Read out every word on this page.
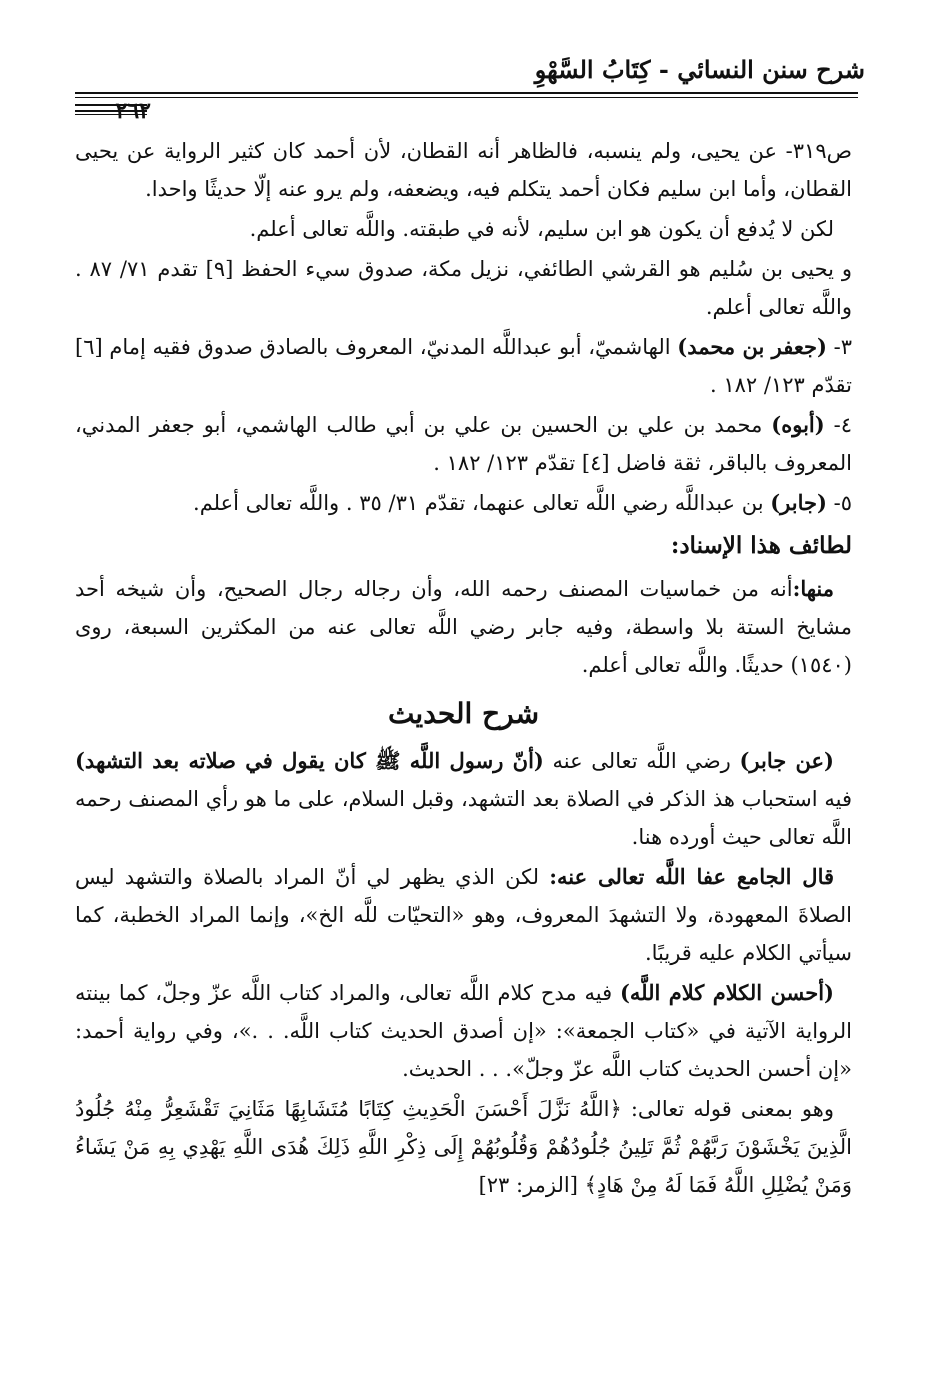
شرح سنن النسائي - كِتَابُ السَّهْوِ
٢٦٢

ص٣١٩- عن يحيى، ولم ينسبه، فالظاهر أنه القطان، لأن أحمد كان كثير الرواية عن يحيى القطان، وأما ابن سليم فكان أحمد يتكلم فيه، ويضعفه، ولم يرو عنه إلّا حديثًا واحدا.

لكن لا يُدفع أن يكون هو ابن سليم، لأنه في طبقته. واللَّه تعالى أعلم.

و يحيى بن سُليم هو القرشي الطائفي، نزيل مكة، صدوق سيء الحفظ [٩] تقدم ٧١/ ٨٧ . واللَّه تعالى أعلم.

٣- (جعفر بن محمد) الهاشميّ، أبو عبداللَّه المدنيّ، المعروف بالصادق صدوق فقيه إمام [٦] تقدّم ١٢٣/ ١٨٢ .

٤- (أبوه) محمد بن علي بن الحسين بن علي بن أبي طالب الهاشمي، أبو جعفر المدني، المعروف بالباقر، ثقة فاضل [٤] تقدّم ١٢٣/ ١٨٢ .

٥- (جابر) بن عبداللَّه رضي اللَّه تعالى عنهما، تقدّم ٣١/ ٣٥ . واللَّه تعالى أعلم.

لطائف هذا الإسناد:

منها:أنه من خماسيات المصنف رحمه الله، وأن رجاله رجال الصحيح، وأن شيخه أحد مشايخ الستة بلا واسطة، وفيه جابر رضي اللَّه تعالى عنه من المكثرين السبعة، روى (١٥٤٠) حديثًا. واللَّه تعالى أعلم.

شرح الحديث

(عن جابر) رضي اللَّه تعالى عنه (أنّ رسول اللَّه ﷺ كان يقول في صلاته بعد التشهد) فيه استحباب هذ الذكر في الصلاة بعد التشهد، وقبل السلام، على ما هو رأي المصنف رحمه اللَّه تعالى حيث أورده هنا.

قال الجامع عفا اللَّه تعالى عنه: لكن الذي يظهر لي أنّ المراد بالصلاة والتشهد ليس الصلاةَ المعهودة، ولا التشهدَ المعروف، وهو «التحيّات للَّه الخ»، وإنما المراد الخطبة، كما سيأتي الكلام عليه قريبًا.

(أحسن الكلام كلام اللَّه) فيه مدح كلام اللَّه تعالى، والمراد كتاب اللَّه عزّ وجلّ، كما بينته الرواية الآتية في «كتاب الجمعة»: «إن أصدق الحديث كتاب اللَّه. . .»، وفي رواية أحمد: «إن أحسن الحديث كتاب اللَّه عزّ وجلّ». . . الحديث.

وهو بمعنى قوله تعالى: ﴿اللَّهُ نَزَّلَ أَحْسَنَ الْحَدِيثِ كِتَابًا مُتَشَابِهًا مَثَانِيَ تَقْشَعِرُّ مِنْهُ جُلُودُ الَّذِينَ يَخْشَوْنَ رَبَّهُمْ ثُمَّ تَلِينُ جُلُودُهُمْ وَقُلُوبُهُمْ إِلَى ذِكْرِ اللَّهِ ذَلِكَ هُدَى اللَّهِ يَهْدِي بِهِ مَنْ يَشَاءُ وَمَنْ يُضْلِلِ اللَّهُ فَمَا لَهُ مِنْ هَادٍ﴾ [الزمر: ٢٣]
